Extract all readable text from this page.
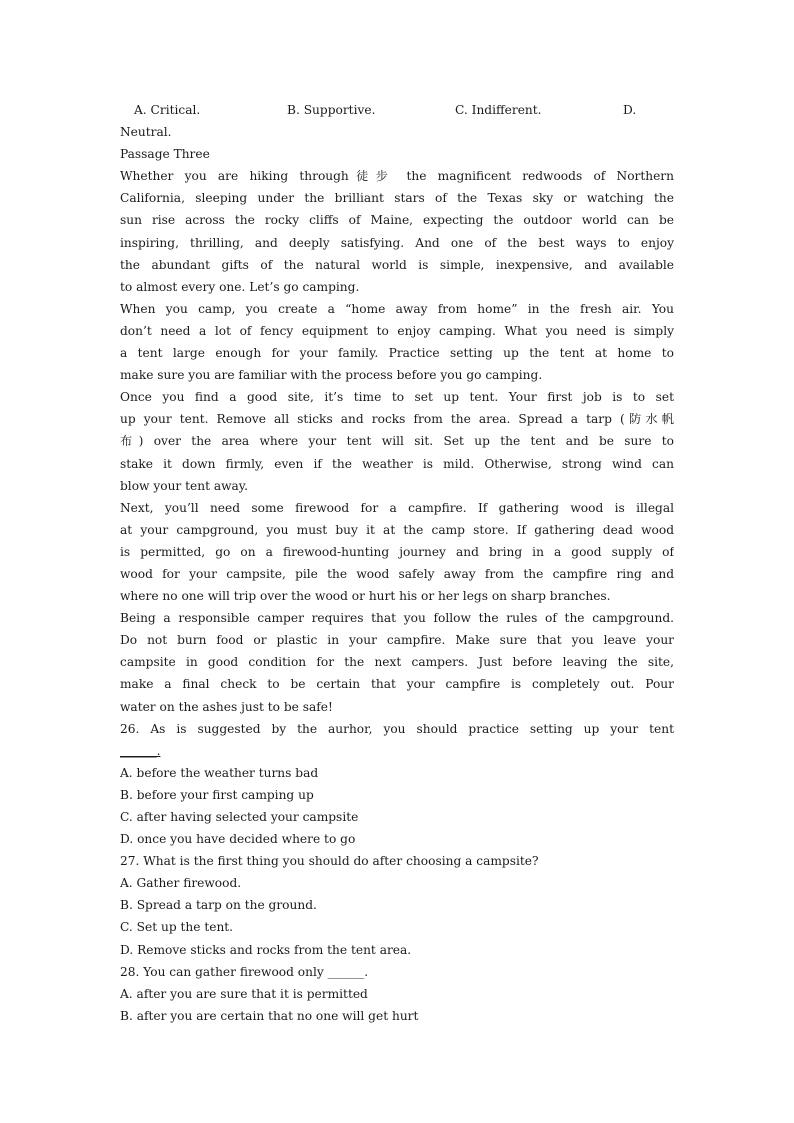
A. Critical.	B. Supportive.	C. Indifferent.	D.
Neutral.
Passage Three
Whether you are hiking through徒步 the magnificent redwoods of Northern
California, sleeping under the brilliant stars of the Texas sky or watching the
sun rise across the rocky cliffs of Maine, expecting the outdoor world can be
inspiring, thrilling, and deeply satisfying. And one of the best ways to enjoy
the abundant gifts of the natural world is simple, inexpensive, and available
to almost every one. Let’s go camping.
When you camp, you create a “home away from home” in the fresh air. You
don’t need a lot of fency equipment to enjoy camping. What you need is simply
a tent large enough for your family. Practice setting up the tent at home to
make sure you are familiar with the process before you go camping.
Once you find a good site, it’s time to set up tent. Your first job is to set
up your tent. Remove all sticks and rocks from the area. Spread a tarp (防水帆
布) over the area where your tent will sit. Set up the tent and be sure to
stake it down firmly, even if the weather is mild. Otherwise, strong wind can
blow your tent away.
Next, you’ll need some firewood for a campfire. If gathering wood is illegal
at your campground, you must buy it at the camp store. If gathering dead wood
is permitted, go on a firewood-hunting journey and bring in a good supply of
wood for your campsite, pile the wood safely away from the campfire ring and
where no one will trip over the wood or hurt his or her legs on sharp branches.
Being a responsible camper requires that you follow the rules of the campground.
Do not burn food or plastic in your campfire. Make sure that you leave your
campsite in good condition for the next campers. Just before leaving the site,
make a final check to be certain that your campfire is completely out. Pour
water on the ashes just to be safe!
26. As is suggested by the aurhor, you should practice setting up your tent
______.
A. before the weather turns bad
B. before your first camping up
C. after having selected your campsite
D. once you have decided where to go
27. What is the first thing you should do after choosing a campsite?
A. Gather firewood.
B. Spread a tarp on the ground.
C. Set up the tent.
D. Remove sticks and rocks from the tent area.
28. You can gather firewood only ______.
A. after you are sure that it is permitted
B. after you are certain that no one will get hurt
